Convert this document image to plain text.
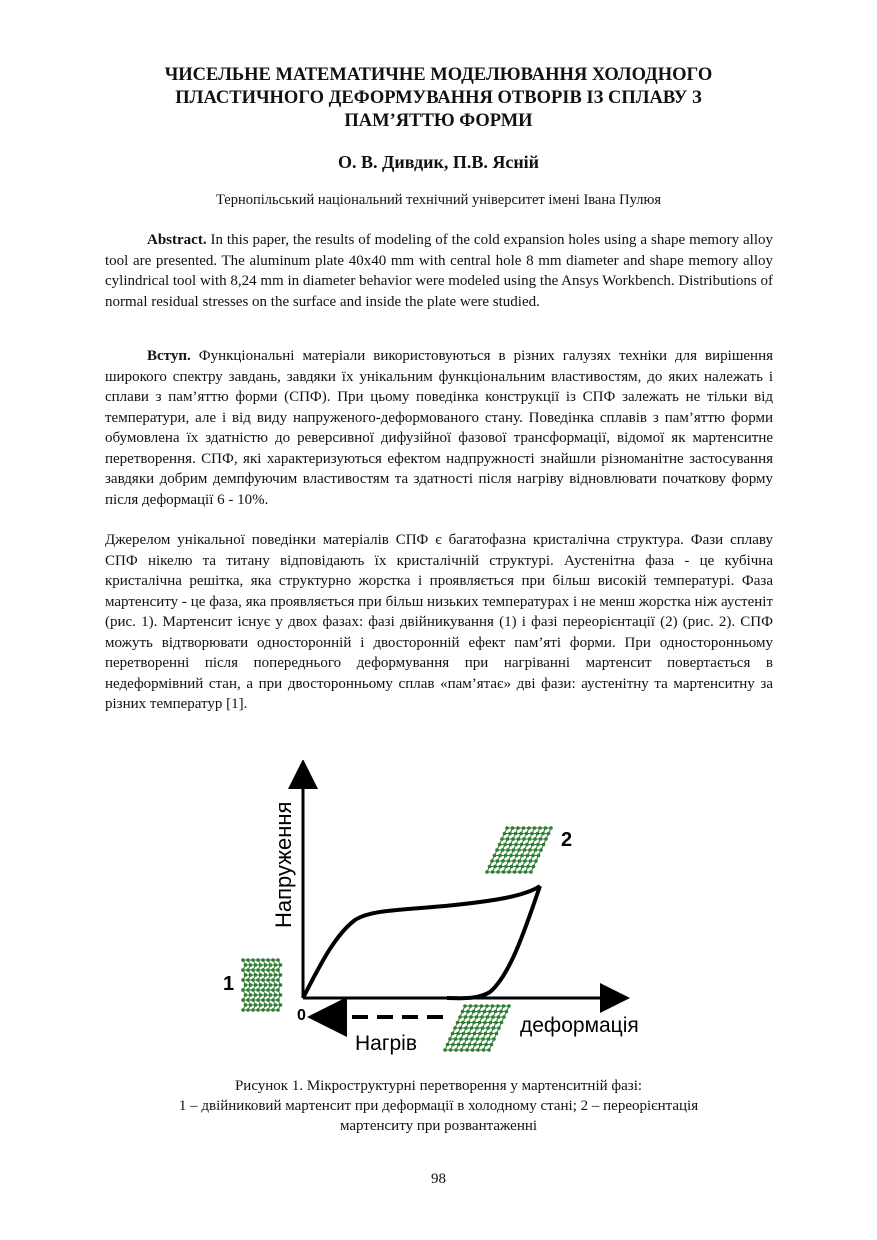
ЧИСЕЛЬНЕ МАТЕМАТИЧНЕ МОДЕЛЮВАННЯ ХОЛОДНОГО
ПЛАСТИЧНОГО ДЕФОРМУВАННЯ ОТВОРІВ ІЗ СПЛАВУ З
ПАМ’ЯТТЮ ФОРМИ
О. В. Дивдик, П.В. Ясній
Тернопільський національний технічний університет імені Івана Пулюя

Abstract. In this paper, the results of modeling of the cold expansion holes using a shape memory alloy tool are presented. The aluminum plate 40x40 mm with central hole 8 mm diameter and shape memory alloy cylindrical tool with 8,24 mm in diameter behavior were modeled using the Ansys Workbench. Distributions of normal residual stresses on the surface and inside the plate were studied.

Вступ. Функціональні матеріали використовуються в різних галузях техніки для вирішення широкого спектру завдань, завдяки їх унікальним функціональним властивостям, до яких належать і сплави з пам’яттю форми (СПФ). При цьому поведінка конструкції із СПФ залежать не тільки від температури, але і від виду напруженого-деформованого стану. Поведінка сплавів з пам’яттю форми обумовлена їх здатністю до реверсивної дифузійної фазової трансформації, відомої як мартенситне перетворення. СПФ, які характеризуються ефектом надпружності знайшли різноманітне застосування завдяки добрим демпфуючим властивостям та здатності після нагріву відновлювати початкову форму після деформації 6 - 10%.

Джерелом унікальної поведінки матеріалів СПФ є багатофазна кристалічна структура. Фази сплаву СПФ нікелю та титану відповідають їх кристалічній структурі. Аустенітна фаза - це кубічна кристалічна решітка, яка структурно жорстка і проявляється при більш високій температурі. Фаза мартенситу - це фаза, яка проявляється при більш низьких температурах і не менш жорстка ніж аустеніт (рис. 1). Мартенсит існує у двох фазах: фазі двійникування (1) і фазі переорієнтації (2) (рис. 2). СПФ можуть відтворювати односторонній і двосторонній ефект пам’яті форми. При односторонньому перетворенні після попереднього деформування при нагріванні мартенсит повертається в недеформівний стан, а при двосторонньому сплав «пам’ятає» дві фази: аустенітну та мартенситну за різних температур [1].

Напруження
деформація
Нагрів
0
1
2
Рисунок 1. Мікроструктурні перетворення у мартенситній фазі:
1 – двійниковий мартенсит при деформації в холодному стані; 2 – переорієнтація
мартенситу при розвантаженні
98
